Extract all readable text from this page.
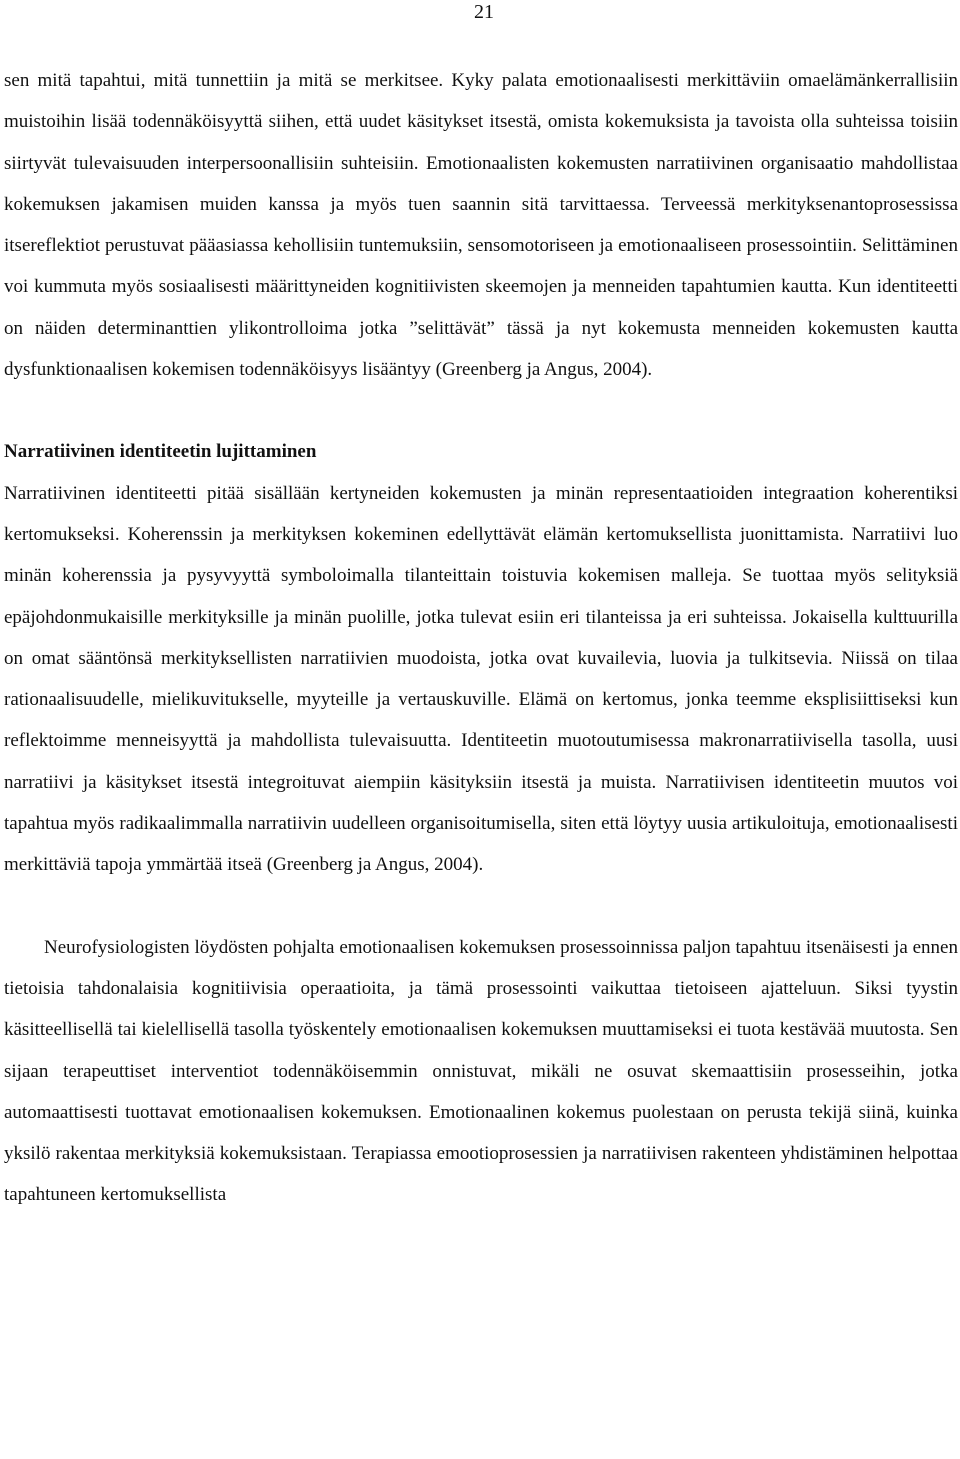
21

sen mitä tapahtui, mitä tunnettiin ja mitä se merkitsee. Kyky palata emotionaalisesti merkittäviin omaelämänkerrallisiin muistoihin lisää todennäköisyyttä siihen, että uudet käsitykset itsestä, omista kokemuksista ja tavoista olla suhteissa toisiin siirtyvät tulevaisuuden interpersoonallisiin suhteisiin. Emotionaalisten kokemusten narratiivinen organisaatio mahdollistaa kokemuksen jakamisen muiden kanssa ja myös tuen saannin sitä tarvittaessa. Terveessä merkityksenantoprosessissa itsereflektiot perustuvat pääasiassa kehollisiin tuntemuksiin, sensomotoriseen ja emotionaaliseen prosessointiin. Selittäminen voi kummuta myös sosiaalisesti määrittyneiden kognitiivisten skeemojen ja menneiden tapahtumien kautta. Kun identiteetti on näiden determinanttien ylikontrolloima jotka ”selittävät” tässä ja nyt kokemusta menneiden kokemusten kautta dysfunktionaalisen kokemisen todennäköisyys lisääntyy (Greenberg ja Angus, 2004).

Narratiivinen identiteetin lujittaminen

Narratiivinen identiteetti pitää sisällään kertyneiden kokemusten ja minän representaatioiden integraation koherentiksi kertomukseksi. Koherenssin ja merkityksen kokeminen edellyttävät elämän kertomuksellista juonittamista. Narratiivi luo minän koherenssia ja pysyvyyttä symboloimalla tilanteittain toistuvia kokemisen malleja. Se tuottaa myös selityksiä epäjohdonmukaisille merkityksille ja minän puolille, jotka tulevat esiin eri tilanteissa ja eri suhteissa. Jokaisella kulttuurilla on omat sääntönsä merkityksellisten narratiivien muodoista, jotka ovat kuvailevia, luovia ja tulkitsevia. Niissä on tilaa rationaalisuudelle, mielikuvitukselle, myyteille ja vertauskuville. Elämä on kertomus, jonka teemme eksplisiittiseksi kun reflektoimme menneisyyttä ja mahdollista tulevaisuutta. Identiteetin muotoutumisessa makronarratiivisella tasolla, uusi narratiivi ja käsitykset itsestä integroituvat aiempiin käsityksiin itsestä ja muista. Narratiivisen identiteetin muutos voi tapahtua myös radikaalimmalla narratiivin uudelleen organisoitumisella, siten että löytyy uusia artikuloituja, emotionaalisesti merkittäviä tapoja ymmärtää itseä (Greenberg ja Angus, 2004).

Neurofysiologisten löydösten pohjalta emotionaalisen kokemuksen prosessoinnissa paljon tapahtuu itsenäisesti ja ennen tietoisia tahdonalaisia kognitiivisia operaatioita, ja tämä prosessointi vaikuttaa tietoiseen ajatteluun. Siksi tyystin käsitteellisellä tai kielellisellä tasolla työskentely emotionaalisen kokemuksen muuttamiseksi ei tuota kestävää muutosta. Sen sijaan terapeuttiset interventiot todennäköisemmin onnistuvat, mikäli ne osuvat skemaattisiin prosesseihin, jotka automaattisesti tuottavat emotionaalisen kokemuksen. Emotionaalinen kokemus puolestaan on perusta tekijä siinä, kuinka yksilö rakentaa merkityksiä kokemuksistaan. Terapiassa emootioprosessien ja narratiivisen rakenteen yhdistäminen helpottaa tapahtuneen kertomuksellista
